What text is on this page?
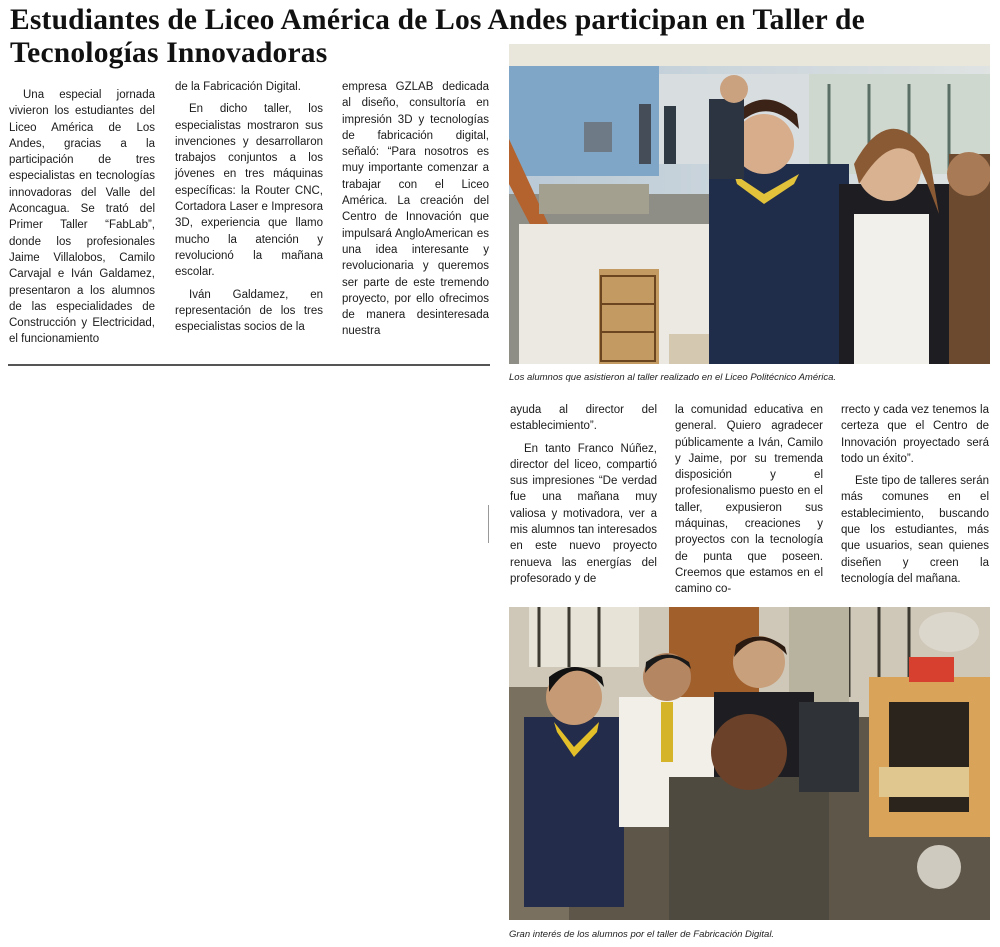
Estudiantes de Liceo América de Los Andes participan en Taller de
Tecnologías Innovadoras

Una especial jornada vivieron los estudiantes del Liceo América de Los Andes, gracias a la participación de tres especialistas en tecnologías innovadoras del Valle del Aconcagua. Se trató del Primer Taller “FabLab”, donde los profesionales Jaime Villalobos, Camilo Carvajal e Iván Galdamez, presentaron a los alumnos de las especialidades de Construcción y Electricidad, el funcionamiento

de la Fabricación Digital.

En dicho taller, los especialistas mostraron sus invenciones y desarrollaron trabajos conjuntos a los jóvenes en tres máquinas específicas: la Router CNC, Cortadora Laser e Impresora 3D, experiencia que llamo mucho la atención y revolucionó la mañana escolar.

Iván Galdamez, en representación de los tres especialistas socios de la

empresa GZLAB dedicada al diseño, consultoría en impresión 3D y tecnologías de fabricación digital, señaló: “Para nosotros es muy importante comenzar a trabajar con el Liceo América. La creación del Centro de Innovación que impulsará AngloAmerican es una idea interesante y revolucionaria y queremos ser parte de este tremendo proyecto, por ello ofrecimos de manera desinteresada nuestra

Los alumnos que asistieron al taller realizado en el Liceo Politécnico América.

ayuda al director del establecimiento”.

En tanto Franco Núñez, director del liceo, compartió sus impresiones “De verdad fue una mañana muy valiosa y motivadora, ver a mis alumnos tan interesados en este nuevo proyecto renueva las energías del profesorado y de

la comunidad educativa en general. Quiero agradecer públicamente a Iván, Camilo y Jaime, por su tremenda disposición y el profesionalismo puesto en el taller, expusieron sus máquinas, creaciones y proyectos con la tecnología de punta que poseen. Creemos que estamos en el camino co-

rrecto y cada vez tenemos la certeza que el Centro de Innovación proyectado será todo un éxito”.

Este tipo de talleres serán más comunes en el establecimiento, buscando que los estudiantes, más que usuarios, sean quienes diseñen y creen la tecnología del mañana.

Gran interés de los alumnos por el taller de Fabricación Digital.
